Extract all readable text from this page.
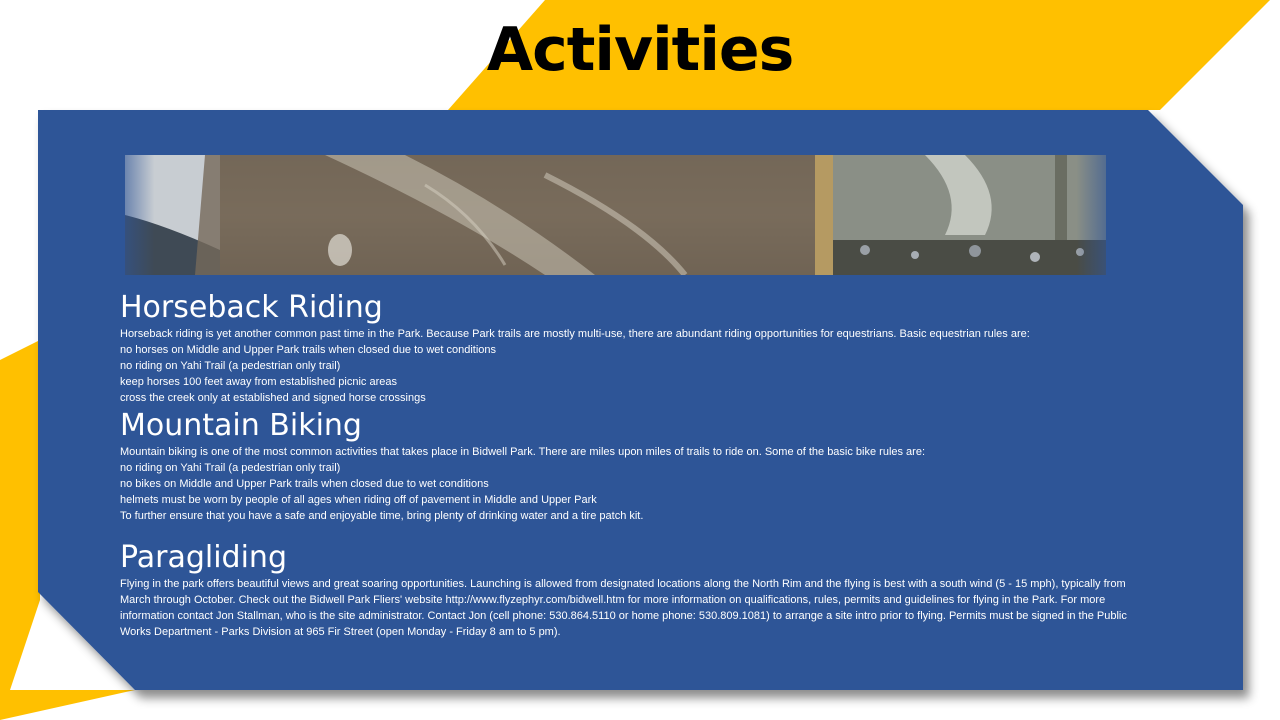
Activities
Horseback Riding

Horseback riding is yet another common past time in the Park. Because Park trails are mostly multi-use, there are abundant riding opportunities for equestrians. Basic equestrian rules are:

no horses on Middle and Upper Park trails when closed due to wet conditions

no riding on Yahi Trail (a pedestrian only trail)

keep horses 100 feet away from established picnic areas

cross the creek only at established and signed horse crossings

Mountain Biking

Mountain biking is one of the most common activities that takes place in Bidwell Park. There are miles upon miles of trails to ride on. Some of the basic bike rules are:

no riding on Yahi Trail (a pedestrian only trail)

no bikes on Middle and Upper Park trails when closed due to wet conditions

helmets must be worn by people of all ages when riding off of pavement in Middle and Upper Park

To further ensure that you have a safe and enjoyable time, bring plenty of drinking water and a tire patch kit.

Paragliding

Flying in the park offers beautiful views and great soaring opportunities. Launching is allowed from designated locations along the North Rim and the flying is best with a south wind (5 - 15 mph), typically from March through October. Check out the Bidwell Park Fliers' website http://www.flyzephyr.com/bidwell.htm for more information on qualifications, rules, permits and guidelines for flying in the Park. For more information contact Jon Stallman, who is the site administrator. Contact Jon (cell phone: 530.864.5110 or home phone: 530.809.1081) to arrange a site intro prior to flying. Permits must be signed in the Public Works Department - Parks Division at 965 Fir Street (open Monday - Friday 8 am to 5 pm).
